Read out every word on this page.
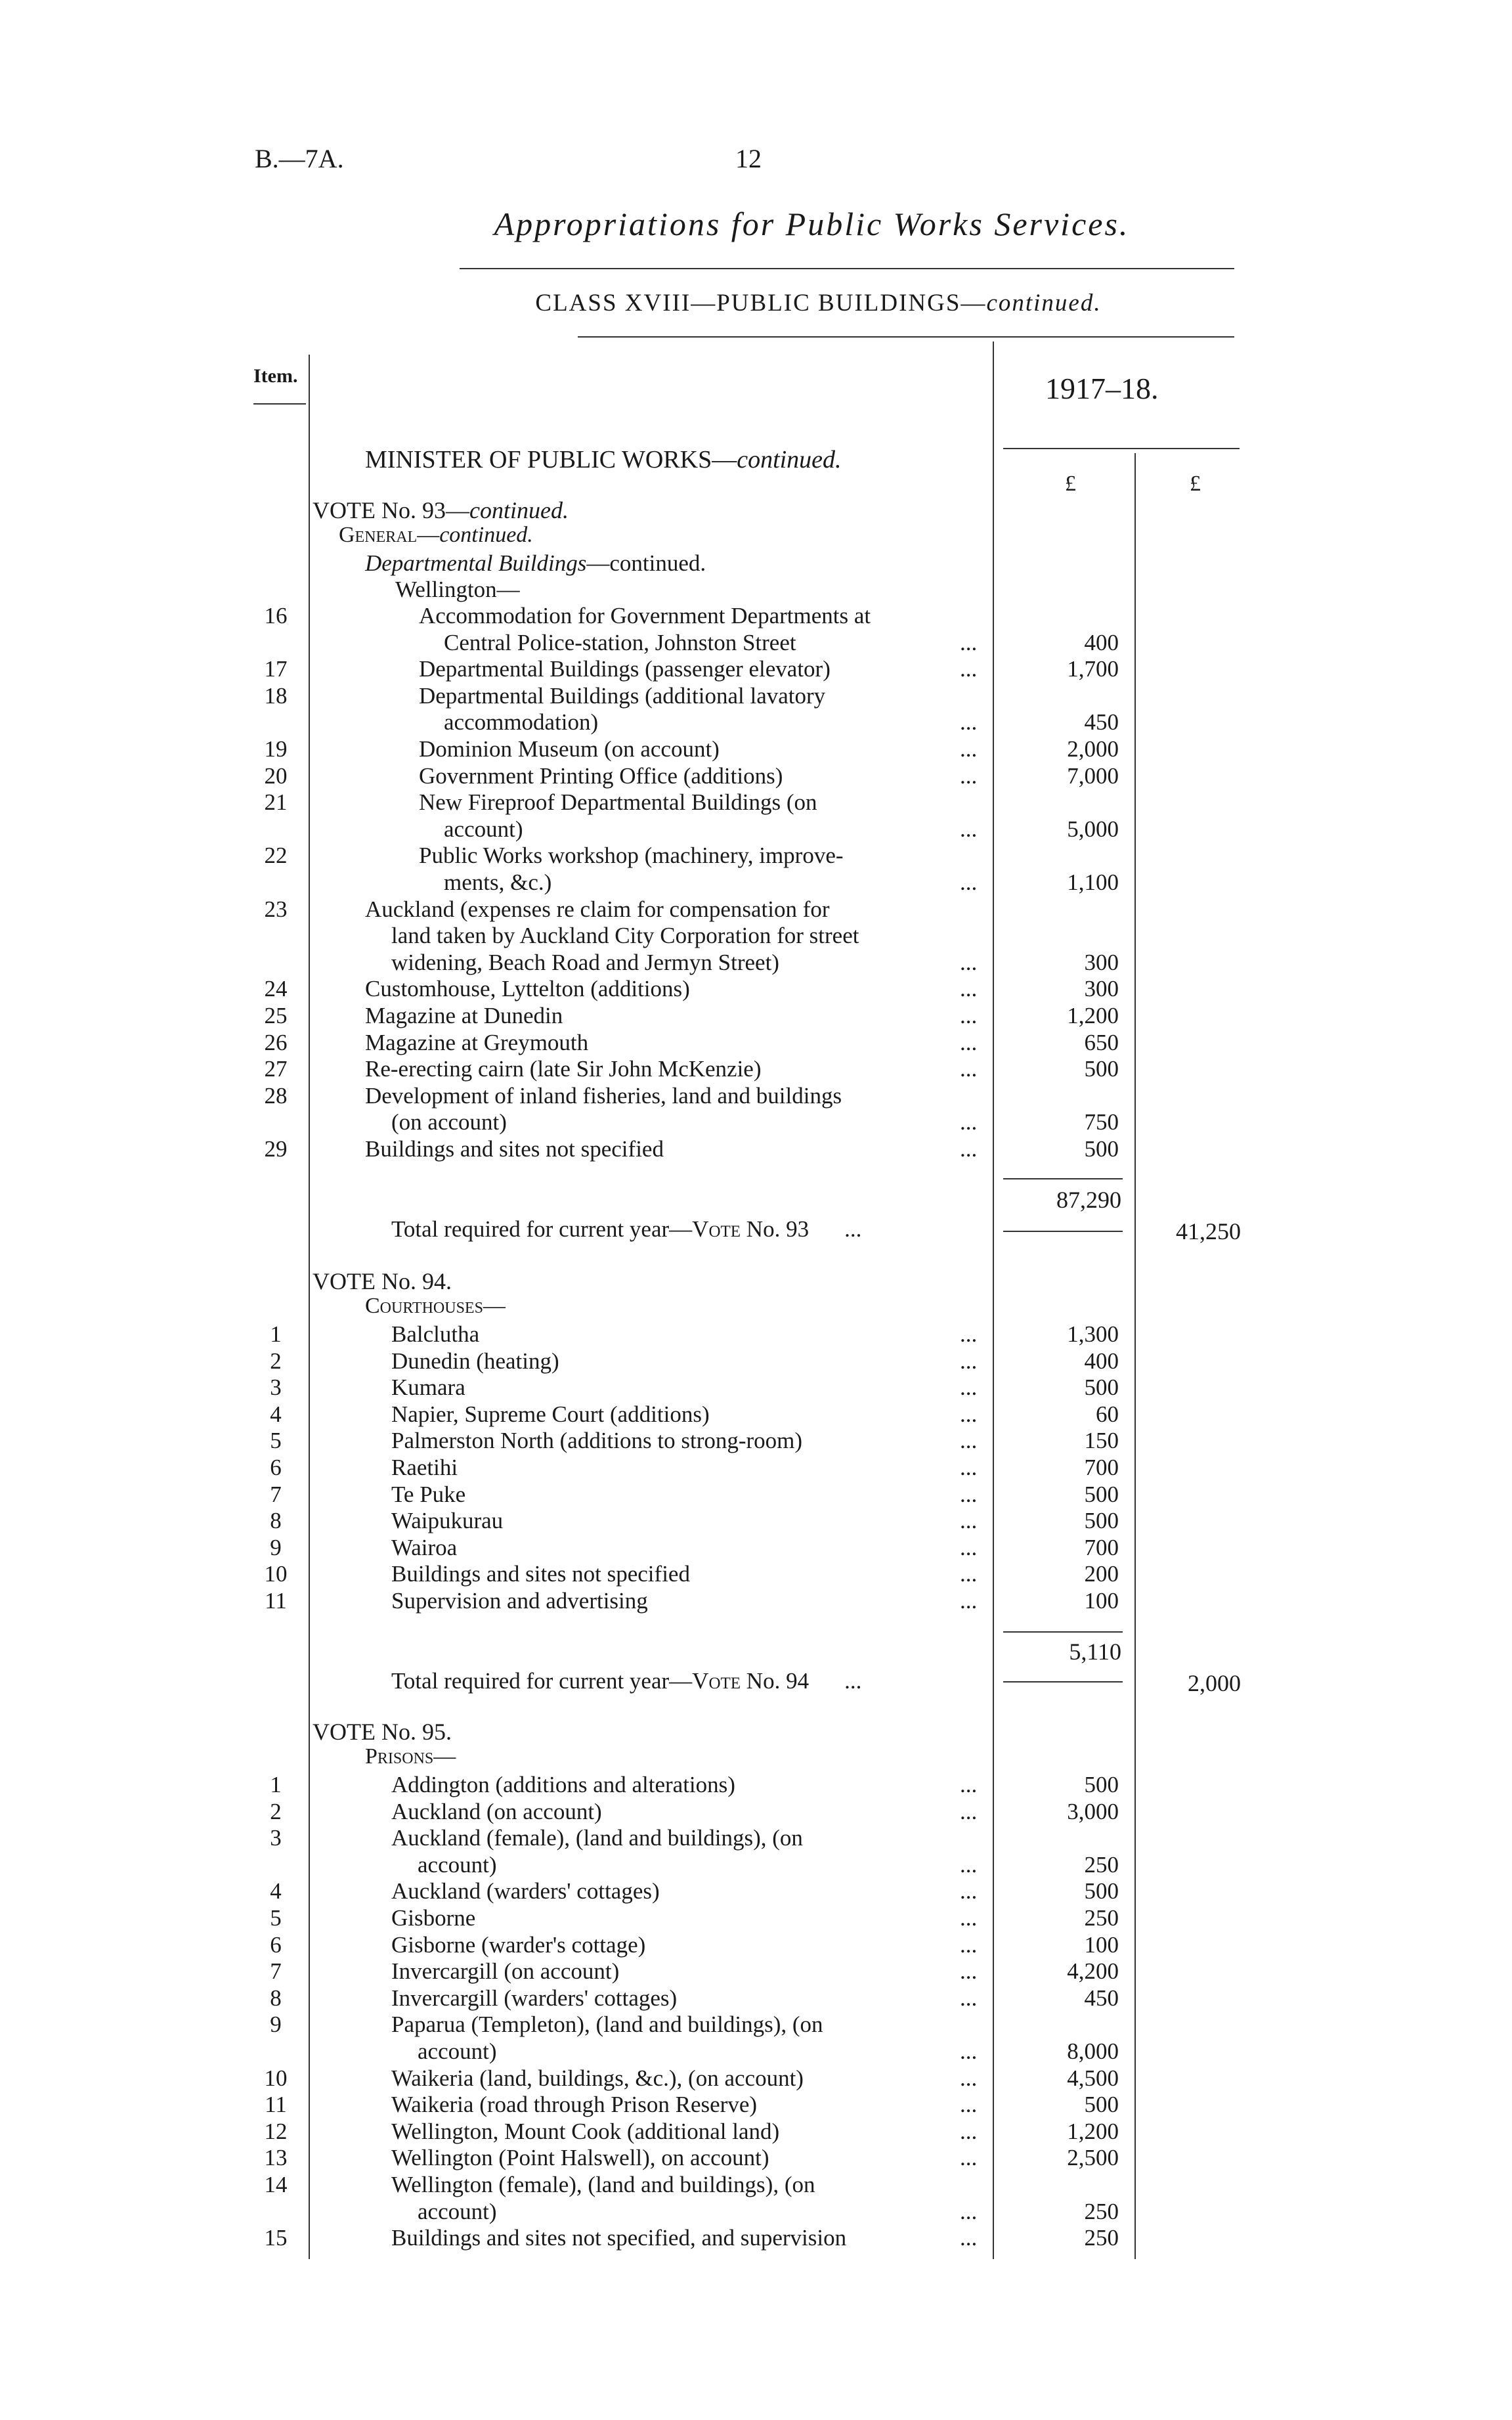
B.—7A.	12
Appropriations for Public Works Services.
CLASS XVIII—PUBLIC BUILDINGS—continued.
Item.	1917–18.
£	£
MINISTER OF PUBLIC WORKS—continued.
VOTE No. 93—continued.
General—continued.
Departmental Buildings—continued.
Wellington—
16	Accommodation for Government Departments at
Central Police-station, Johnston Street	...	400
17	Departmental Buildings (passenger elevator)	...	1,700
18	Departmental Buildings (additional lavatory
accommodation)	...	450
19	Dominion Museum (on account)	...	2,000
20	Government Printing Office (additions)	...	7,000
21	New Fireproof Departmental Buildings (on
account)	...	5,000
22	Public Works workshop (machinery, improve-
ments, &c.)	...	1,100
23	Auckland (expenses re claim for compensation for
land taken by Auckland City Corporation for street
widening, Beach Road and Jermyn Street)	...	300
24	Customhouse, Lyttelton (additions)	...	300
25	Magazine at Dunedin	...	1,200
26	Magazine at Greymouth	...	650
27	Re-erecting cairn (late Sir John McKenzie)	...	500
28	Development of inland fisheries, land and buildings
(on account)	...	750
29	Buildings and sites not specified	...	500
87,290
Total required for current year—Vote No. 93 ...	41,250
VOTE No. 94.
Courthouses—
1	Balclutha	...	1,300
2	Dunedin (heating)	...	400
3	Kumara	...	500
4	Napier, Supreme Court (additions)	...	60
5	Palmerston North (additions to strong-room)	...	150
6	Raetihi	...	700
7	Te Puke	...	500
8	Waipukurau	...	500
9	Wairoa	...	700
10	Buildings and sites not specified	...	200
11	Supervision and advertising	...	100
5,110
Total required for current year—Vote No. 94 ...	2,000
VOTE No. 95.
Prisons—
1	Addington (additions and alterations)	...	500
2	Auckland (on account)	...	3,000
3	Auckland (female), (land and buildings), (on
account)	...	250
4	Auckland (warders' cottages)	...	500
5	Gisborne	...	250
6	Gisborne (warder's cottage)	...	100
7	Invercargill (on account)	...	4,200
8	Invercargill (warders' cottages)	...	450
9	Paparua (Templeton), (land and buildings), (on
account)	...	8,000
10	Waikeria (land, buildings, &c.), (on account)	...	4,500
11	Waikeria (road through Prison Reserve)	...	500
12	Wellington, Mount Cook (additional land)	...	1,200
13	Wellington (Point Halswell), on account)	...	2,500
14	Wellington (female), (land and buildings), (on
account)	...	250
15	Buildings and sites not specified, and supervision	...	250
